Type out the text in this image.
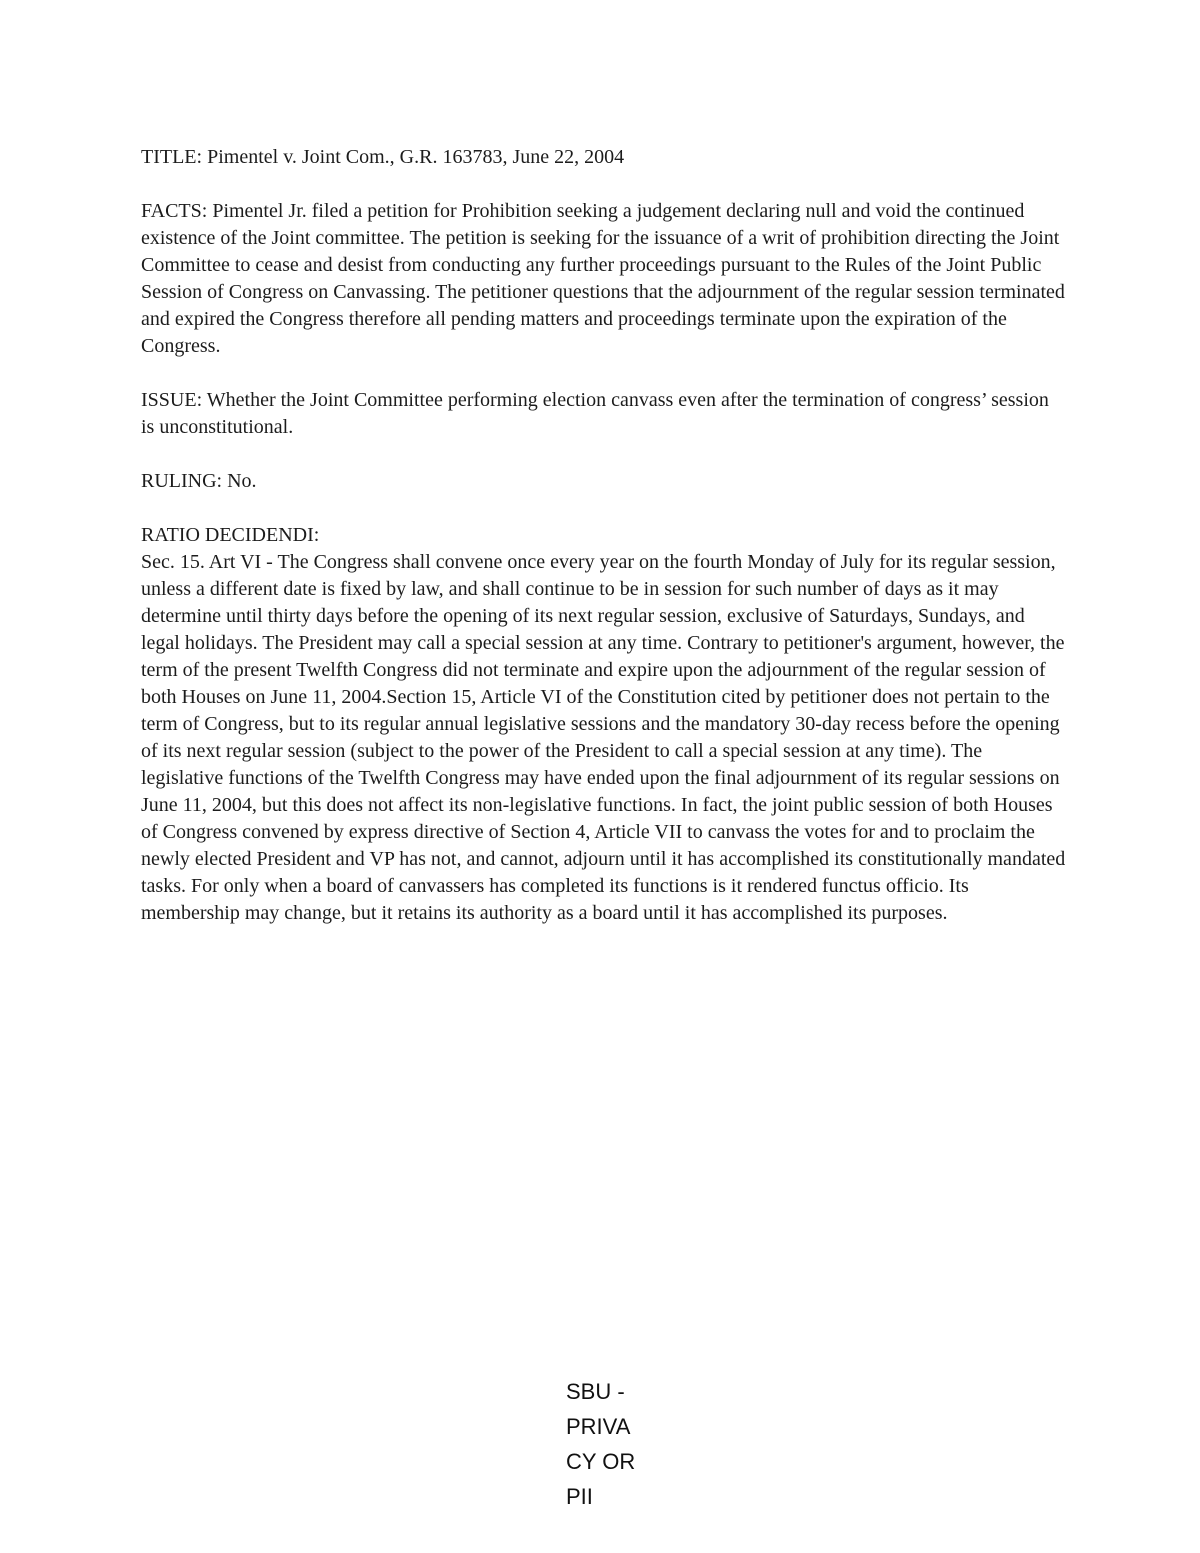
TITLE: Pimentel v. Joint Com., G.R. 163783, June 22, 2004

FACTS: Pimentel Jr. filed a petition for Prohibition seeking a judgement declaring null and void the continued existence of the Joint committee. The petition is seeking for the issuance of a writ of prohibition directing the Joint Committee to cease and desist from conducting any further proceedings pursuant to the Rules of the Joint Public Session of Congress on Canvassing. The petitioner questions that the adjournment of the regular session terminated and expired the Congress therefore all pending matters and proceedings terminate upon the expiration of the Congress.

ISSUE: Whether the Joint Committee performing election canvass even after the termination of congress’ session is unconstitutional.

RULING: No.

RATIO DECIDENDI:

Sec. 15. Art VI - The Congress shall convene once every year on the fourth Monday of July for its regular session, unless a different date is fixed by law, and shall continue to be in session for such number of days as it may determine until thirty days before the opening of its next regular session, exclusive of Saturdays, Sundays, and legal holidays. The President may call a special session at any time. Contrary to petitioner's argument, however, the term of the present Twelfth Congress did not terminate and expire upon the adjournment of the regular session of both Houses on June 11, 2004.Section 15, Article VI of the Constitution cited by petitioner does not pertain to the term of Congress, but to its regular annual legislative sessions and the mandatory 30-day recess before the opening of its next regular session (subject to the power of the President to call a special session at any time). The legislative functions of the Twelfth Congress may have ended upon the final adjournment of its regular sessions on June 11, 2004, but this does not affect its non-legislative functions. In fact, the joint public session of both Houses of Congress convened by express directive of Section 4, Article VII to canvass the votes for and to proclaim the newly elected President and VP has not, and cannot, adjourn until it has accomplished its constitutionally mandated tasks. For only when a board of canvassers has completed its functions is it rendered functus officio. Its membership may change, but it retains its authority as a board until it has accomplished its purposes.

SBU -
PRIVA
CY OR
PII
